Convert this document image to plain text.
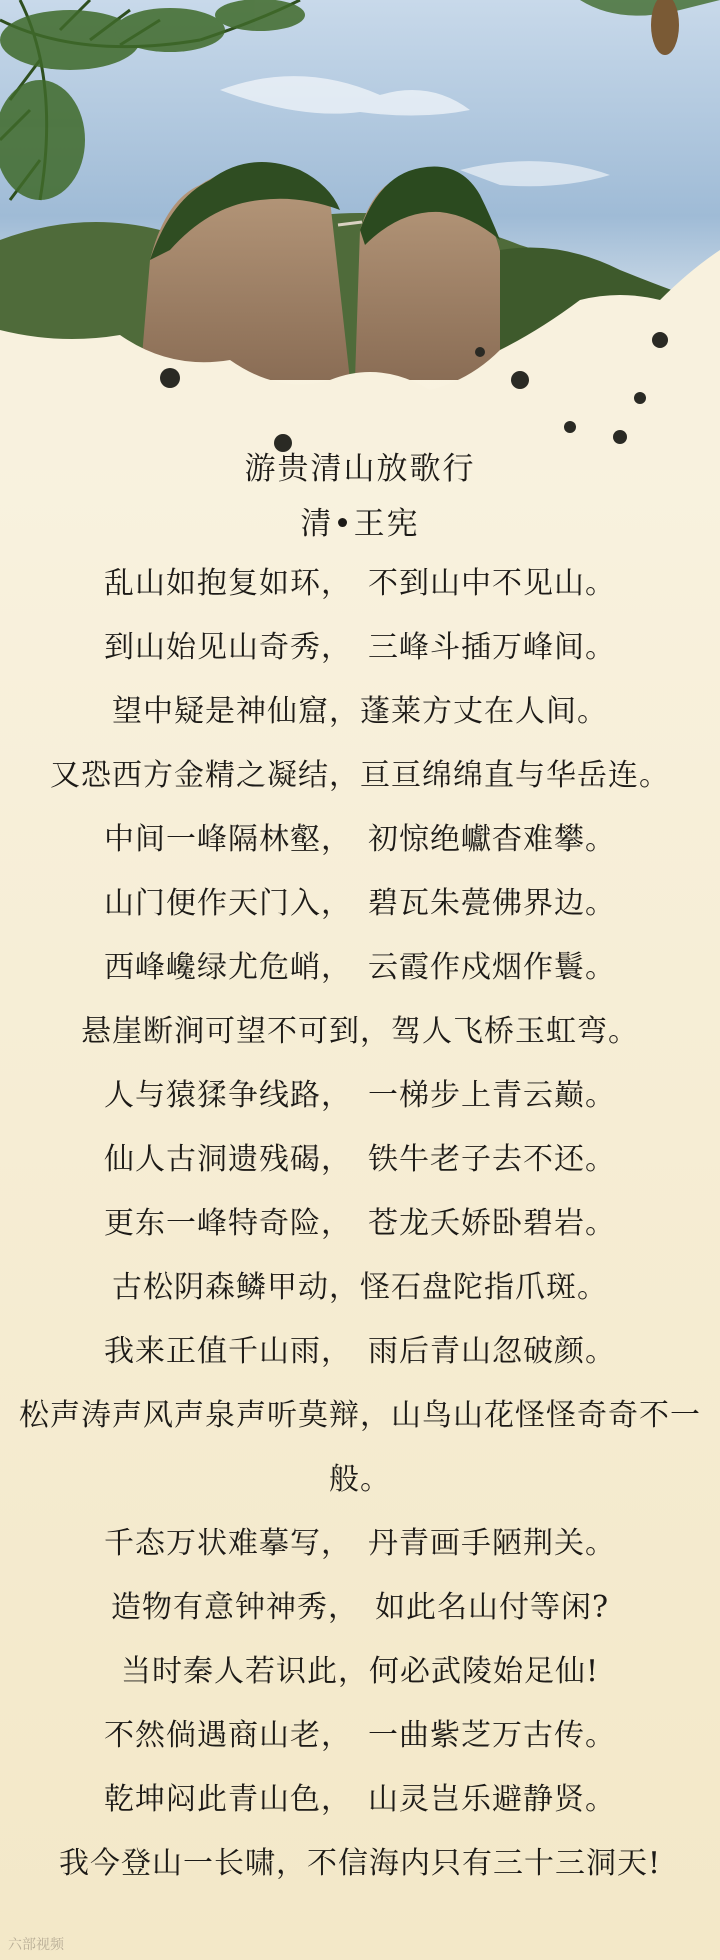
游贵清山放歌行
清•王宪
乱山如抱复如环，　不到山中不见山。
到山始见山奇秀，　三峰斗插万峰间。
望中疑是神仙窟，蓬莱方丈在人间。
又恐西方金精之凝结，亘亘绵绵直与华岳连。
中间一峰隔林壑，　初惊绝巘杳难攀。
山门便作天门入，　碧瓦朱甍佛界边。
西峰巉绿尤危峭，　云霞作戍烟作鬟。
悬崖断涧可望不可到，驾人飞桥玉虹弯。
人与猿猱争线路，　一梯步上青云巅。
仙人古洞遗残碣，　铁牛老子去不还。
更东一峰特奇险，　苍龙夭娇卧碧岩。
古松阴森鳞甲动，怪石盘陀指爪斑。
我来正值千山雨，　雨后青山忽破颜。
松声涛声风声泉声听莫辩，山鸟山花怪怪奇奇不一般。
千态万状难摹写，　丹青画手陋荆关。
造物有意钟神秀，　如此名山付等闲?
当时秦人若识此，何必武陵始足仙!
不然倘遇商山老，　一曲紫芝万古传。
乾坤闷此青山色，　山灵岂乐避静贤。
我今登山一长啸，不信海内只有三十三洞天!
六部视频
